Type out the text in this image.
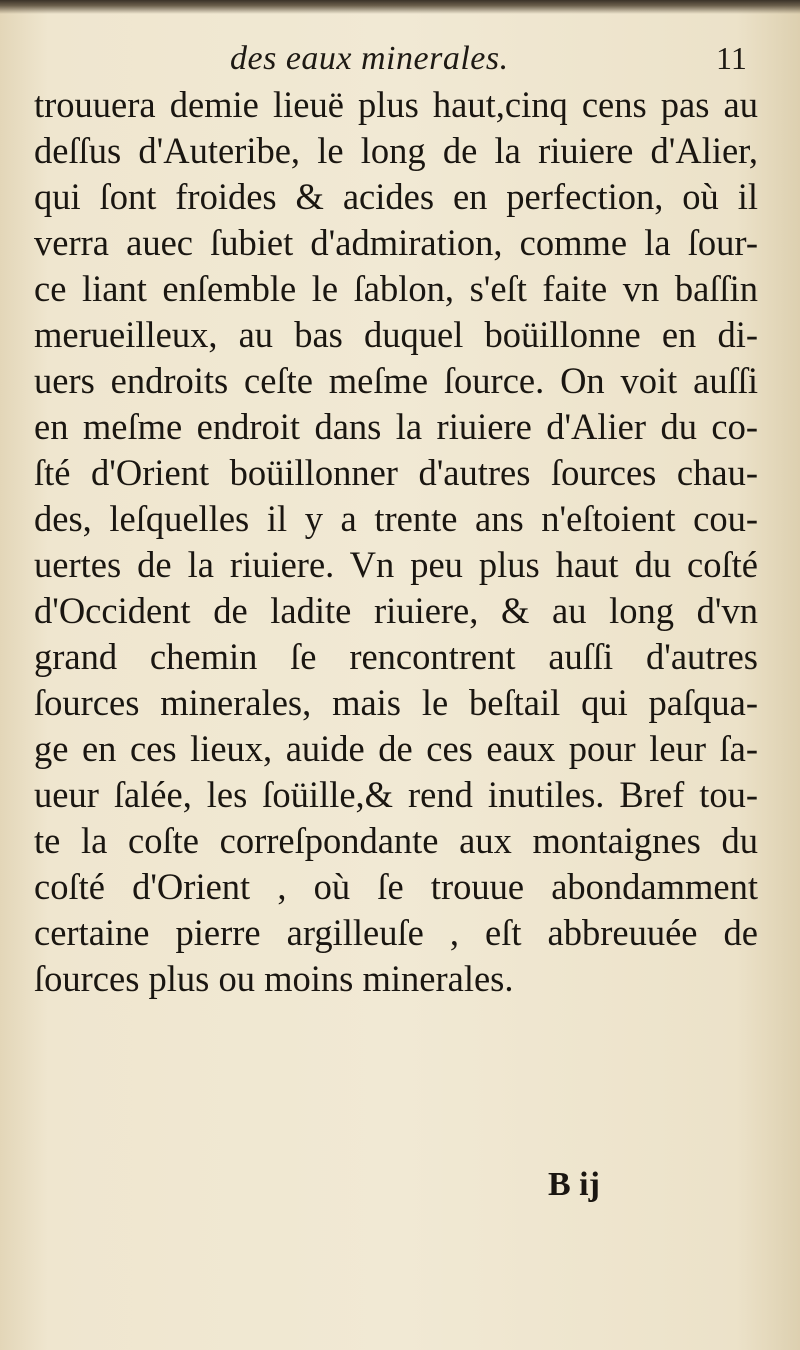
des eaux minerales.	11
trouuera demie lieuë plus haut,cinq cens pas au
deſſus d'Auteribe, le long de la riuiere d'Alier,
qui ſont froides & acides en perfection, où il
verra auec ſubiet d'admiration, comme la ſour-
ce liant enſemble le ſablon, s'eſt faite vn baſſin
merueilleux, au bas duquel boüillonne en di-
uers endroits ceſte meſme ſource. On voit auſſi
en meſme endroit dans la riuiere d'Alier du co-
ſté d'Orient boüillonner d'autres ſources chau-
des, leſquelles il y a trente ans n'eſtoient cou-
uertes de la riuiere. Vn peu plus haut du coſté
d'Occident de ladite riuiere, & au long d'vn
grand chemin ſe rencontrent auſſi d'autres
ſources minerales, mais le beſtail qui paſqua-
ge en ces lieux, auide de ces eaux pour leur ſa-
ueur ſalée, les ſoüille,& rend inutiles. Bref tou-
te la coſte correſpondante aux montaignes du
coſté d'Orient , où ſe trouue abondamment
certaine pierre argilleuſe , eſt abbreuuée de
ſources plus ou moins minerales.
B ij
